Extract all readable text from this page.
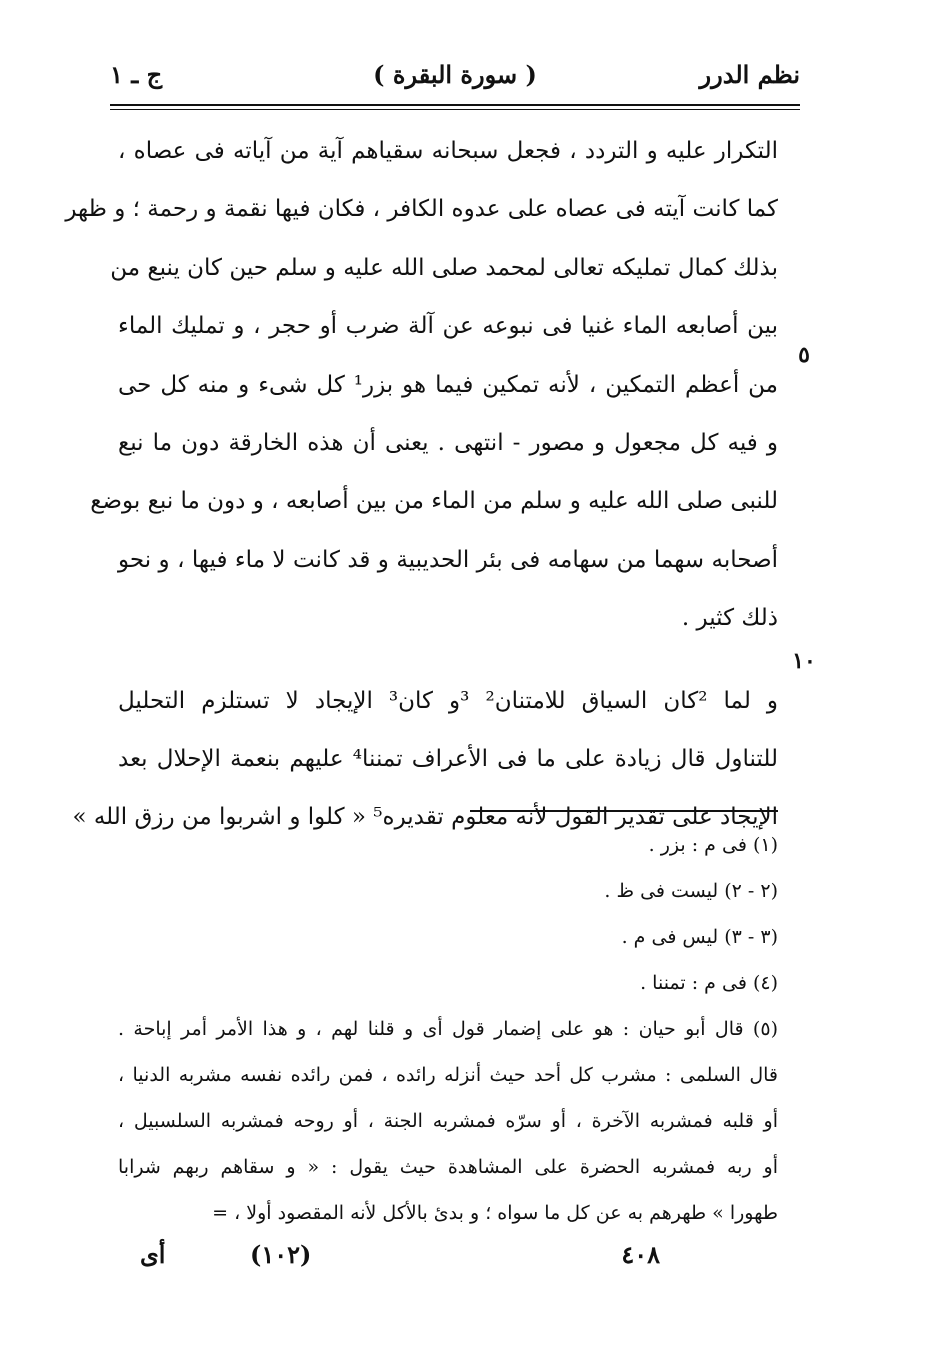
نظم الدرر
( سورة البقرة )
ج ـ ١
٥
١٠
التكرار عليه و التردد ، فجعل سبحانه سقياهم آية من آياته فى عصاه ،
كما كانت آيته فى عصاه على عدوه الكافر ، فكان فيها نقمة و رحمة ؛ و ظهر
بذلك كمال تمليكه تعالى لمحمد صلى الله عليه و سلم حين كان ينبع من
بين أصابعه الماء غنيا فى نبوعه عن آلة ضرب أو حجر ، و تمليك الماء
من أعظم التمكين ، لأنه تمكين فيما هو بزر¹ كل شىء و منه كل حى
و فيه كل مجعول و مصور - انتهى . يعنى أن هذه الخارقة دون ما نبع
للنبى صلى الله عليه و سلم من الماء من بين أصابعه ، و دون ما نبع بوضع
أصحابه سهما من سهامه فى بئر الحديبية و قد كانت لا ماء فيها ، و نحو
ذلك كثير .
و لما ²كان السياق للامتنان² ³و كان³ الإيجاد لا تستلزم التحليل
للتناول قال زيادة على ما فى الأعراف تمننا⁴ عليهم بنعمة الإحلال بعد
الإيجاد على تقدير القول لأنه معلوم تقديره⁵ « كلوا و اشربوا من رزق الله »
(١) فى م : بزر .
(٢ - ٢) ليست فى ظ .
(٣ - ٣) ليس فى م .
(٤) فى م : تمننا .
(٥) قال أبو حيان : هو على إضمار قول أى و قلنا لهم ، و هذا الأمر أمر إباحة .
قال السلمى : مشرب كل أحد حيث أنزله رائده ، فمن رائده نفسه مشربه الدنيا ،
أو قلبه فمشربه الآخرة ، أو سرّه فمشربه الجنة ، أو روحه فمشربه السلسبيل ،
أو ربه فمشربه الحضرة على المشاهدة حيث يقول : « و سقاهم ربهم شرابا
طهورا » طهرهم به عن كل ما سواه ؛ و بدئ بالأكل لأنه المقصود أولا ، =
٤٠٨
(١٠٢)
أى
